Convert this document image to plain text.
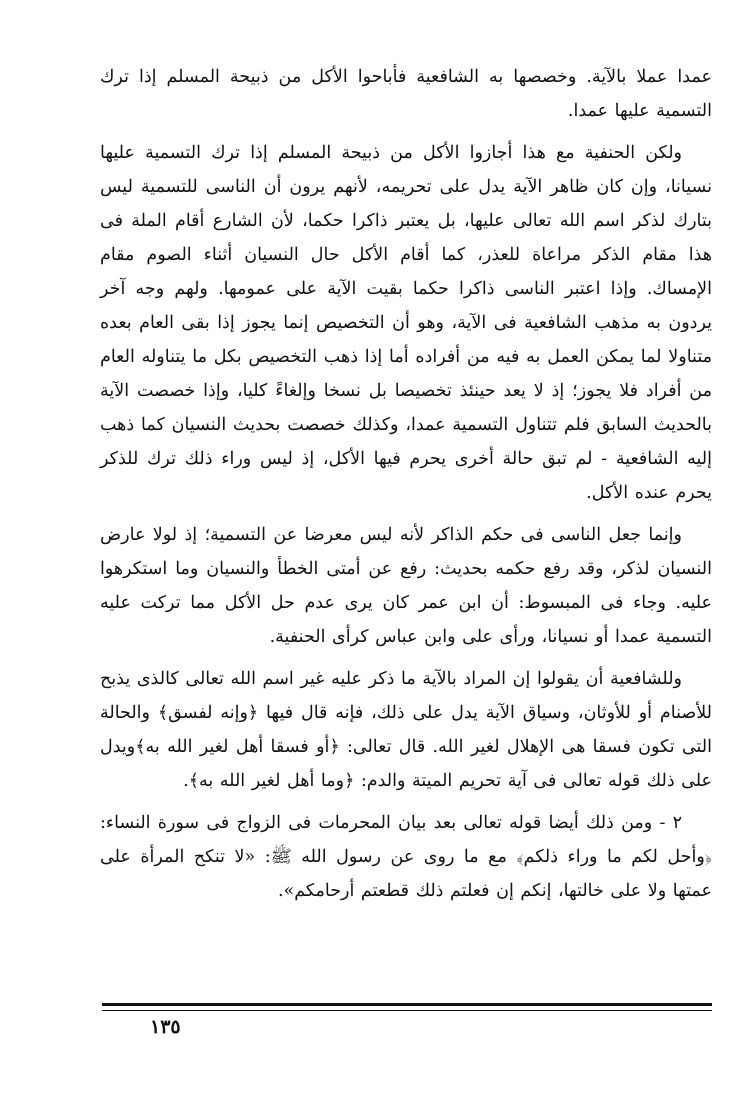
عمدا عملا بالآية. وخصصها به الشافعية فأباحوا الأكل من ذبيحة المسلم إذا ترك التسمية عليها عمدا.

ولكن الحنفية مع هذا أجازوا الأكل من ذبيحة المسلم إذا ترك التسمية عليها نسيانا، وإن كان ظاهر الآية يدل على تحريمه، لأنهم يرون أن الناسى للتسمية ليس بتارك لذكر اسم الله تعالى عليها، بل يعتبر ذاكرا حكما، لأن الشارع أقام الملة فى هذا مقام الذكر مراعاة للعذر، كما أقام الأكل حال النسيان أثناء الصوم مقام الإمساك. وإذا اعتبر الناسى ذاكرا حكما بقيت الآية على عمومها. ولهم وجه آخر يردون به مذهب الشافعية فى الآية، وهو أن التخصيص إنما يجوز إذا بقى العام بعده متناولا لما يمكن العمل به فيه من أفراده أما إذا ذهب التخصيص بكل ما يتناوله العام من أفراد فلا يجوز؛ إذ لا يعد حينئذ تخصيصا بل نسخا وإلغاءً كليا، وإذا خصصت الآية بالحديث السابق فلم تتناول التسمية عمدا، وكذلك خصصت بحديث النسيان كما ذهب إليه الشافعية - لم تبق حالة أخرى يحرم فيها الأكل، إذ ليس وراء ذلك ترك للذكر يحرم عنده الأكل.

وإنما جعل الناسى فى حكم الذاكر لأنه ليس معرضا عن التسمية؛ إذ لولا عارض النسيان لذكر، وقد رفع حكمه بحديث: رفع عن أمتى الخطأ والنسيان وما استكرهوا عليه. وجاء فى المبسوط: أن ابن عمر كان يرى عدم حل الأكل مما تركت عليه التسمية عمدا أو نسيانا، ورأى على وابن عباس كرأى الحنفية.

وللشافعية أن يقولوا إن المراد بالآية ما ذكر عليه غير اسم الله تعالى كالذى يذبح للأصنام أو للأوثان، وسياق الآية يدل على ذلك، فإنه قال فيها ﴿وإنه لفسق﴾ والحالة التى تكون فسقا هى الإهلال لغير الله. قال تعالى: ﴿أو فسقا أهل لغير الله به﴾ويدل على ذلك قوله تعالى فى آية تحريم الميتة والدم: ﴿وما أهل لغير الله به﴾.

٢ - ومن ذلك أيضا قوله تعالى بعد بيان المحرمات فى الزواج فى سورة النساء: ﴿وأحل لكم ما وراء ذلكم﴾ مع ما روى عن رسول الله ﷺ: «لا تنكح المرأة على عمتها ولا على خالتها، إنكم إن فعلتم ذلك قطعتم أرحامكم».

١٣٥
